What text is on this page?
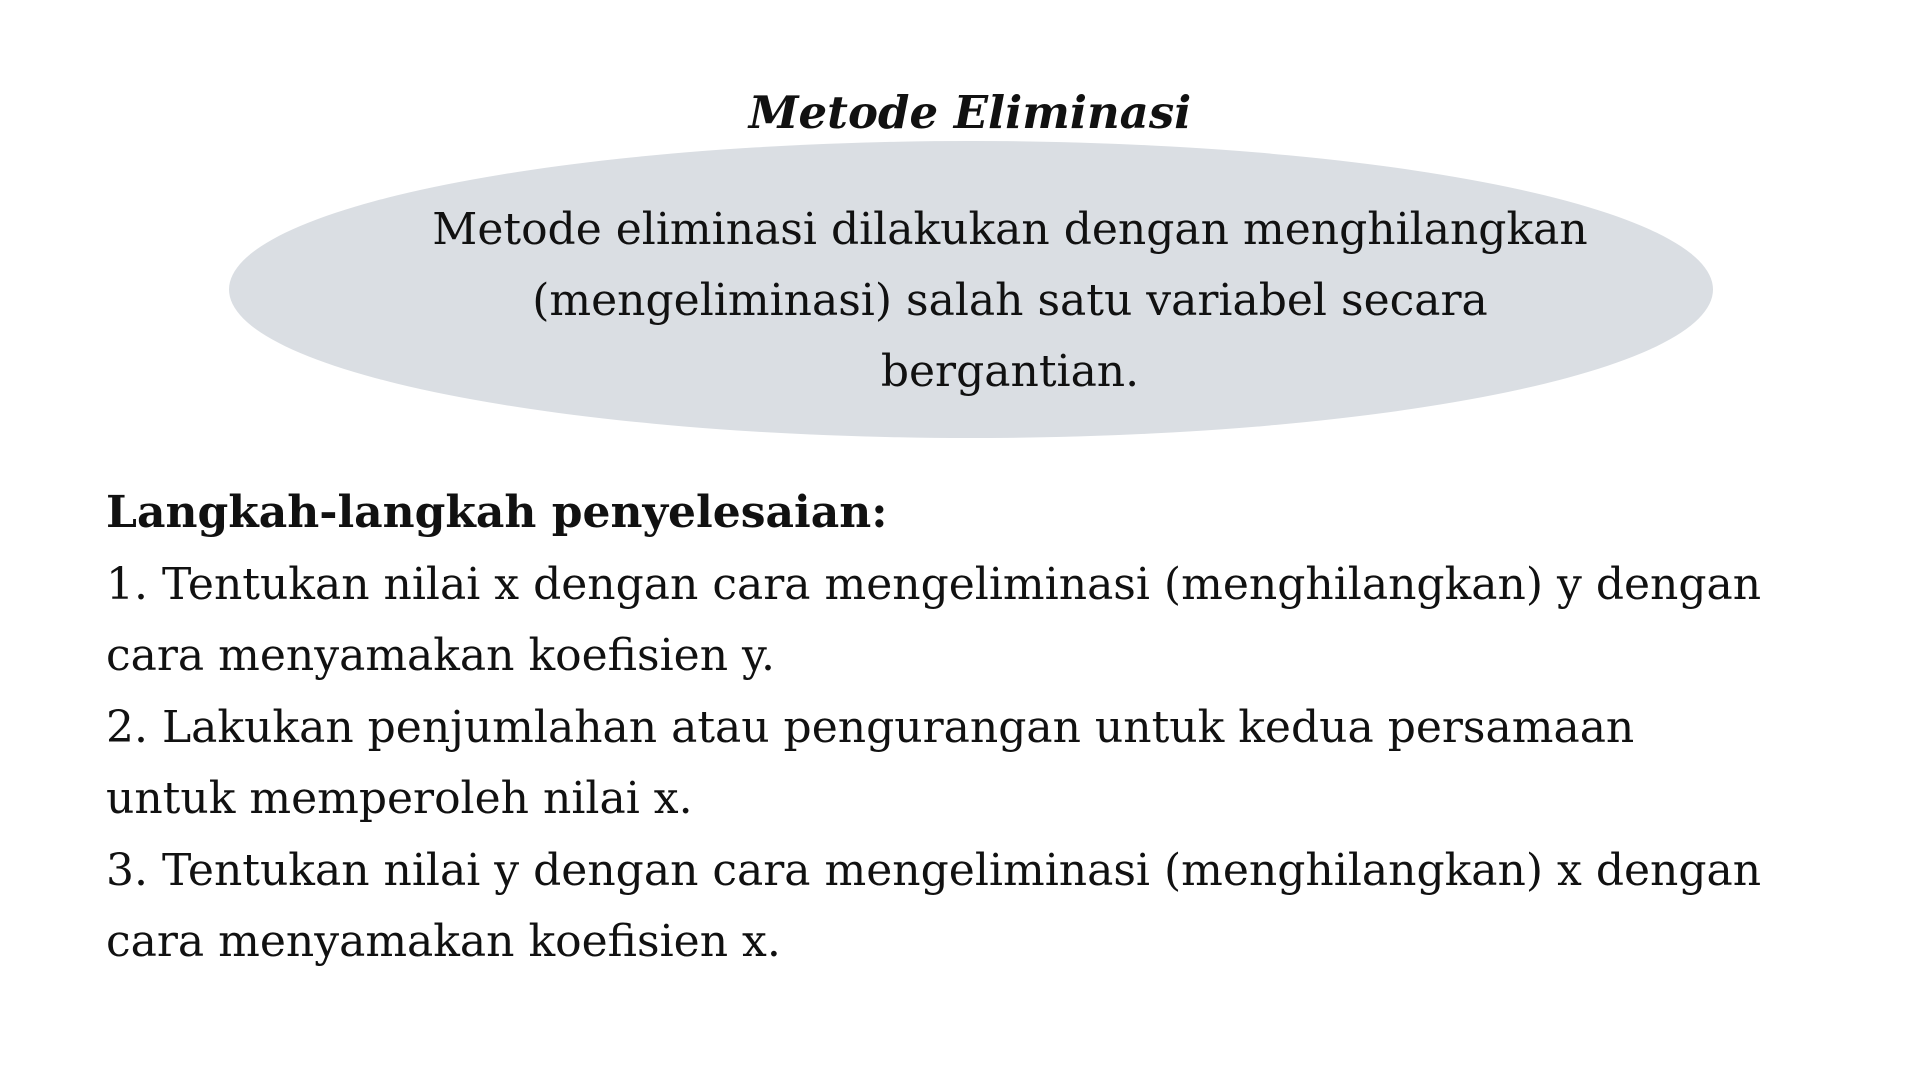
Metode Eliminasi

Metode eliminasi dilakukan dengan menghilangkan
(mengeliminasi) salah satu variabel secara
bergantian.

Langkah-langkah penyelesaian:

1. Tentukan nilai x dengan cara mengeliminasi (menghilangkan) y dengan
cara menyamakan koefisien y.

2. Lakukan penjumlahan atau pengurangan untuk kedua persamaan
untuk memperoleh nilai x.

3. Tentukan nilai y dengan cara mengeliminasi (menghilangkan) x dengan
cara menyamakan koefisien x.
